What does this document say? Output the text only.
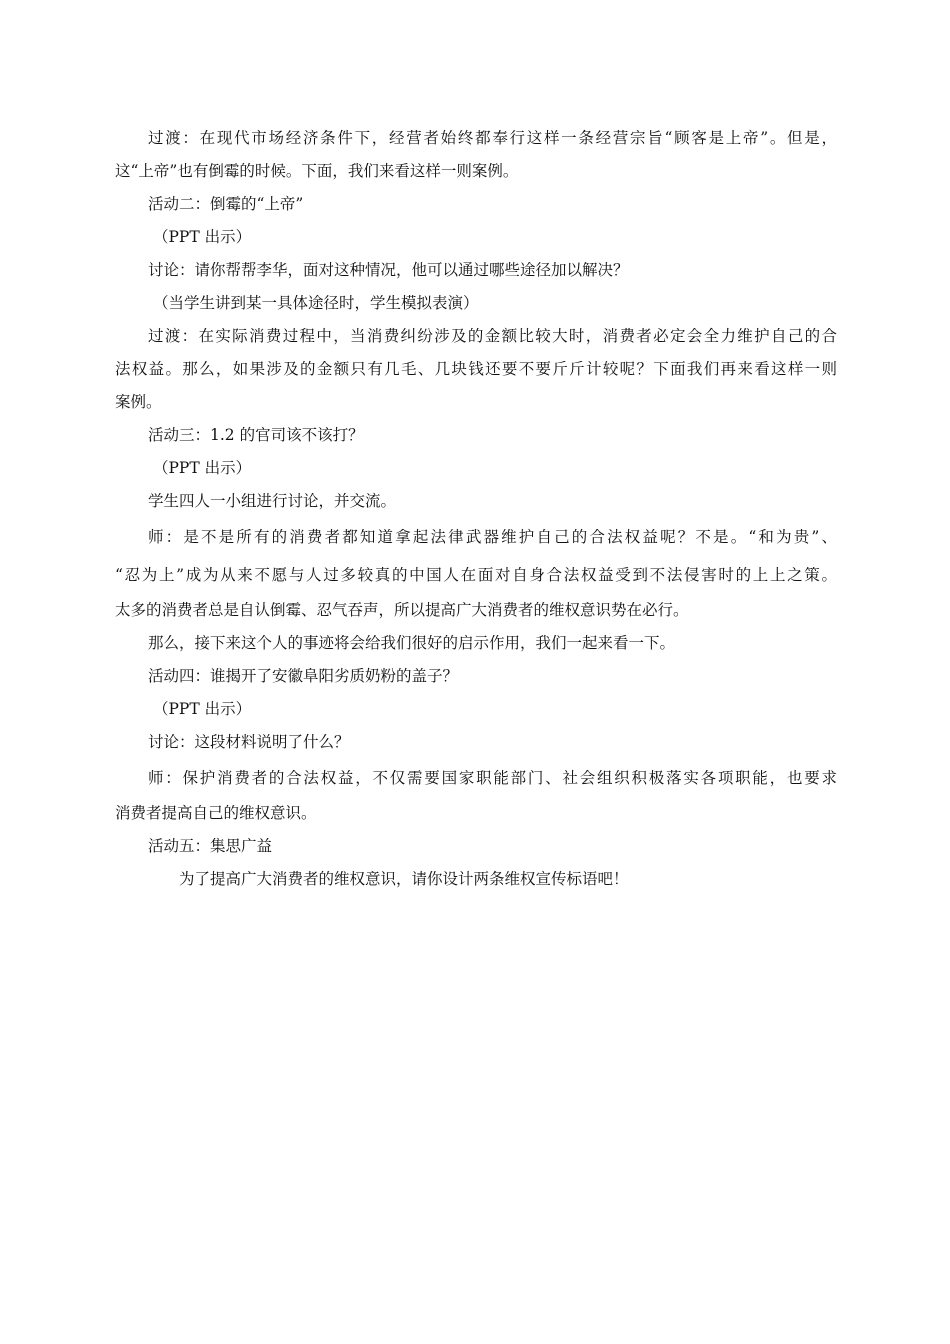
过渡：在现代市场经济条件下，经营者始终都奉行这样一条经营宗旨“顾客是上帝”。但是，
这“上帝”也有倒霉的时候。下面，我们来看这样一则案例。
活动二：倒霉的“上帝”
（PPT 出示）
讨论：请你帮帮李华，面对这种情况，他可以通过哪些途径加以解决？
（当学生讲到某一具体途径时，学生模拟表演）
过渡：在实际消费过程中，当消费纠纷涉及的金额比较大时，消费者必定会全力维护自己的合
法权益。那么，如果涉及的金额只有几毛、几块钱还要不要斤斤计较呢？下面我们再来看这样一则
案例。
活动三：1.2 的官司该不该打？
（PPT 出示）
学生四人一小组进行讨论，并交流。
师：是不是所有的消费者都知道拿起法律武器维护自己的合法权益呢？不是。“和为贵”、
“忍为上”成为从来不愿与人过多较真的中国人在面对自身合法权益受到不法侵害时的上上之策。
太多的消费者总是自认倒霉、忍气吞声，所以提高广大消费者的维权意识势在必行。
那么，接下来这个人的事迹将会给我们很好的启示作用，我们一起来看一下。
活动四：谁揭开了安徽阜阳劣质奶粉的盖子？
（PPT 出示）
讨论：这段材料说明了什么？
师：保护消费者的合法权益，不仅需要国家职能部门、社会组织积极落实各项职能，也要求
消费者提高自己的维权意识。
活动五：集思广益
为了提高广大消费者的维权意识，请你设计两条维权宣传标语吧！
